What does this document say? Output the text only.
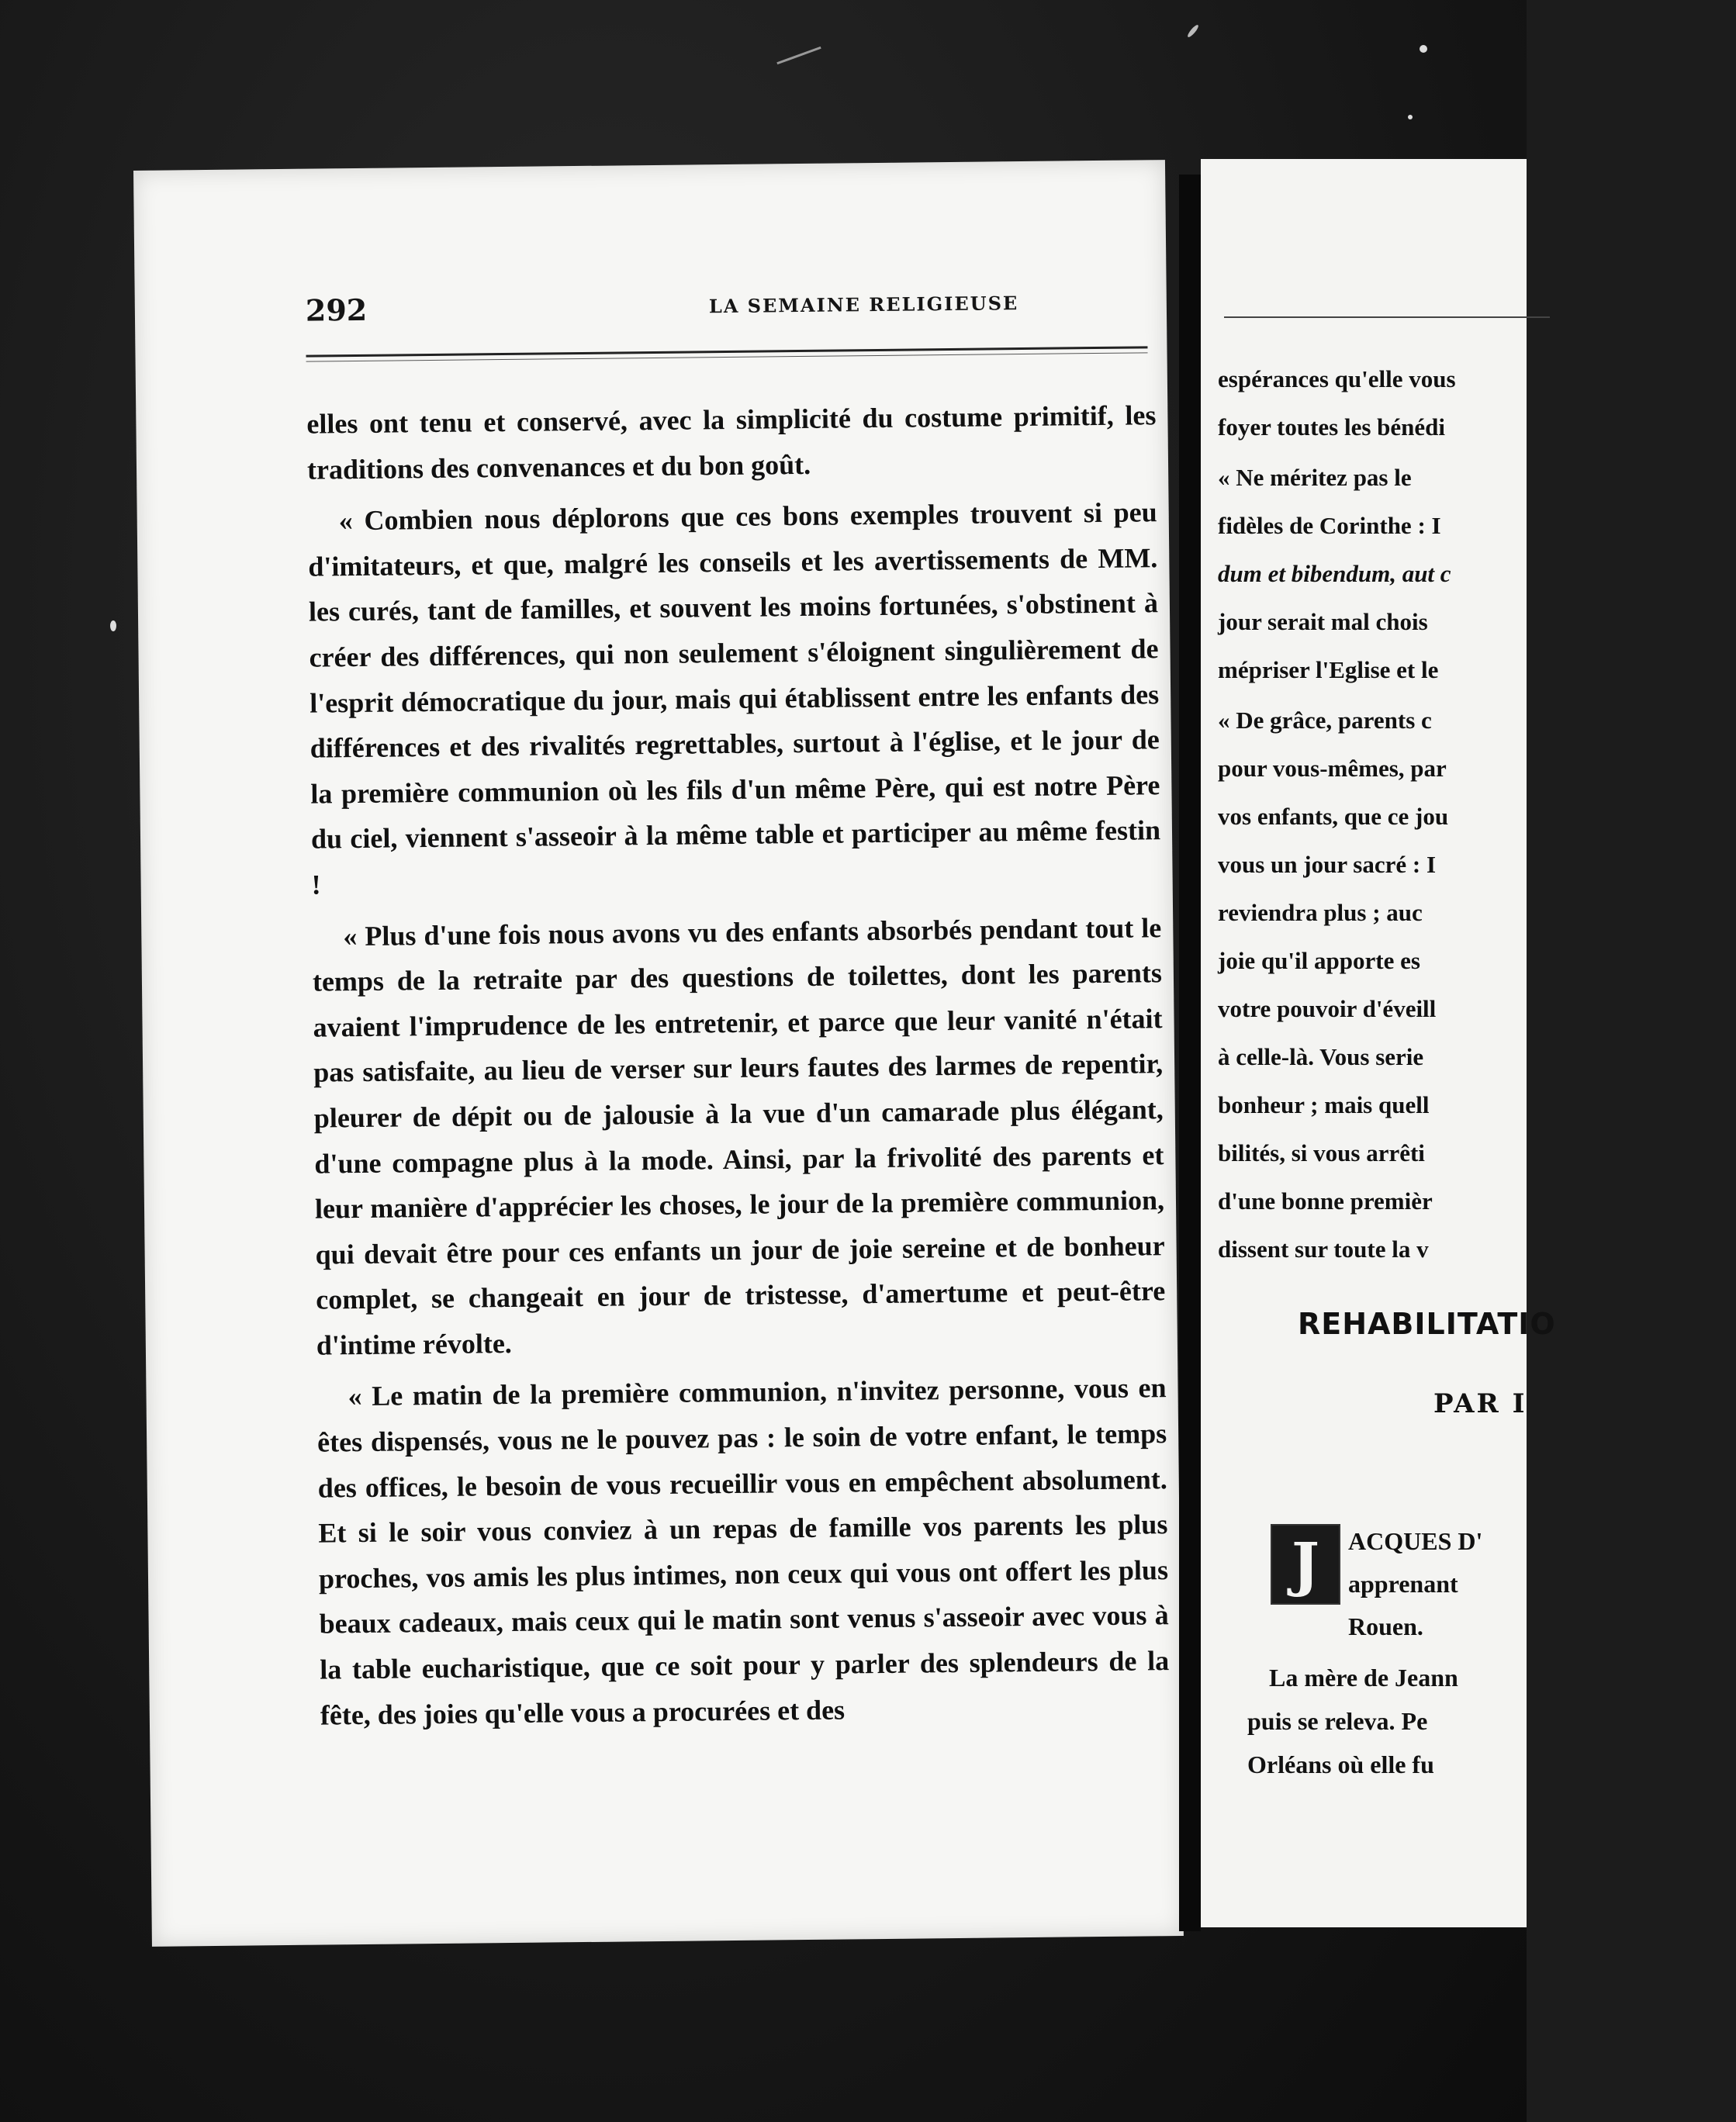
292	LA SEMAINE RELIGIEUSE

elles ont tenu et conservé, avec la simplicité du costume primitif, les traditions des convenances et du bon goût.

« Combien nous déplorons que ces bons exemples trouvent si peu d'imitateurs, et que, malgré les conseils et les avertissements de MM. les curés, tant de familles, et souvent les moins fortunées, s'obstinent à créer des différences, qui non seulement s'éloignent singulièrement de l'esprit démocratique du jour, mais qui établissent entre les enfants des différences et des rivalités regrettables, surtout à l'église, et le jour de la première communion où les fils d'un même Père, qui est notre Père du ciel, viennent s'asseoir à la même table et participer au même festin !

« Plus d'une fois nous avons vu des enfants absorbés pendant tout le temps de la retraite par des questions de toilettes, dont les parents avaient l'imprudence de les entretenir, et parce que leur vanité n'était pas satisfaite, au lieu de verser sur leurs fautes des larmes de repentir, pleurer de dépit ou de jalousie à la vue d'un camarade plus élégant, d'une compagne plus à la mode. Ainsi, par la frivolité des parents et leur manière d'apprécier les choses, le jour de la première communion, qui devait être pour ces enfants un jour de joie sereine et de bonheur complet, se changeait en jour de tristesse, d'amertume et peut-être d'intime révolte.

« Le matin de la première communion, n'invitez personne, vous en êtes dispensés, vous ne le pouvez pas : le soin de votre enfant, le temps des offices, le besoin de vous recueillir vous en empêchent absolument. Et si le soir vous conviez à un repas de famille vos parents les plus proches, vos amis les plus intimes, non ceux qui vous ont offert les plus beaux cadeaux, mais ceux qui le matin sont venus s'asseoir avec vous à la table eucharistique, que ce soit pour y parler des splendeurs de la fête, des joies qu'elle vous a procurées et des

espérances qu'elle vous

foyer toutes les bénédi

« Ne méritez pas le

fidèles de Corinthe : I

dum et bibendum, aut c

jour serait mal chois

mépriser l'Eglise et le

« De grâce, parents c

pour vous-mêmes, par

vos enfants, que ce jou

vous un jour sacré : I

reviendra plus ; auc

joie qu'il apporte es

votre pouvoir d'éveill

à celle-là. Vous serie

bonheur ; mais quell

bilités, si vous arrêti

d'une bonne premièr

dissent sur toute la v

REHABILITATIO
PAR I
J	ACQUES D'

apprenant

Rouen.

La mère de Jeann

puis se releva. Pe

Orléans où elle fu
